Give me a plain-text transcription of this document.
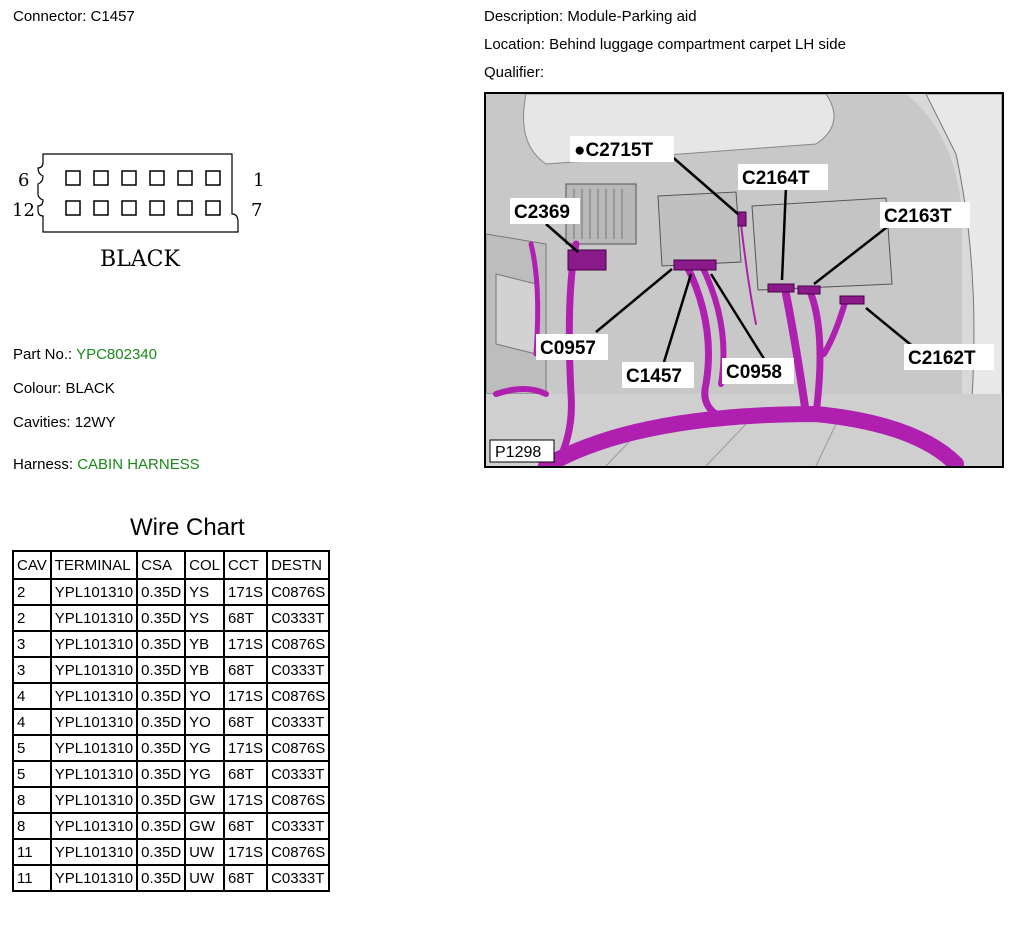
Connector: C1457	Description: Module-Parking aid
Location: Behind luggage compartment carpet LH side
Qualifier:
6	1
12	7
BLACK
Part No.: YPC802340
Colour: BLACK
Cavities: 12WY
Harness: CABIN HARNESS
●C2715T
C2164T
C2369	C2163T
C0957
C1457 C0958
C2162T
P1298
Wire Chart
CAV	TERMINAL	CSA	COL	CCT	DESTN
2	YPL101310	0.35D	YS	171S	C0876S
2	YPL101310	0.35D	YS	68T	C0333T
3	YPL101310	0.35D	YB	171S	C0876S
3	YPL101310	0.35D	YB	68T	C0333T
4	YPL101310	0.35D	YO	171S	C0876S
4	YPL101310	0.35D	YO	68T	C0333T
5	YPL101310	0.35D	YG	171S	C0876S
5	YPL101310	0.35D	YG	68T	C0333T
8	YPL101310	0.35D	GW	171S	C0876S
8	YPL101310	0.35D	GW	68T	C0333T
11	YPL101310	0.35D	UW	171S	C0876S
11	YPL101310	0.35D	UW	68T	C0333T
